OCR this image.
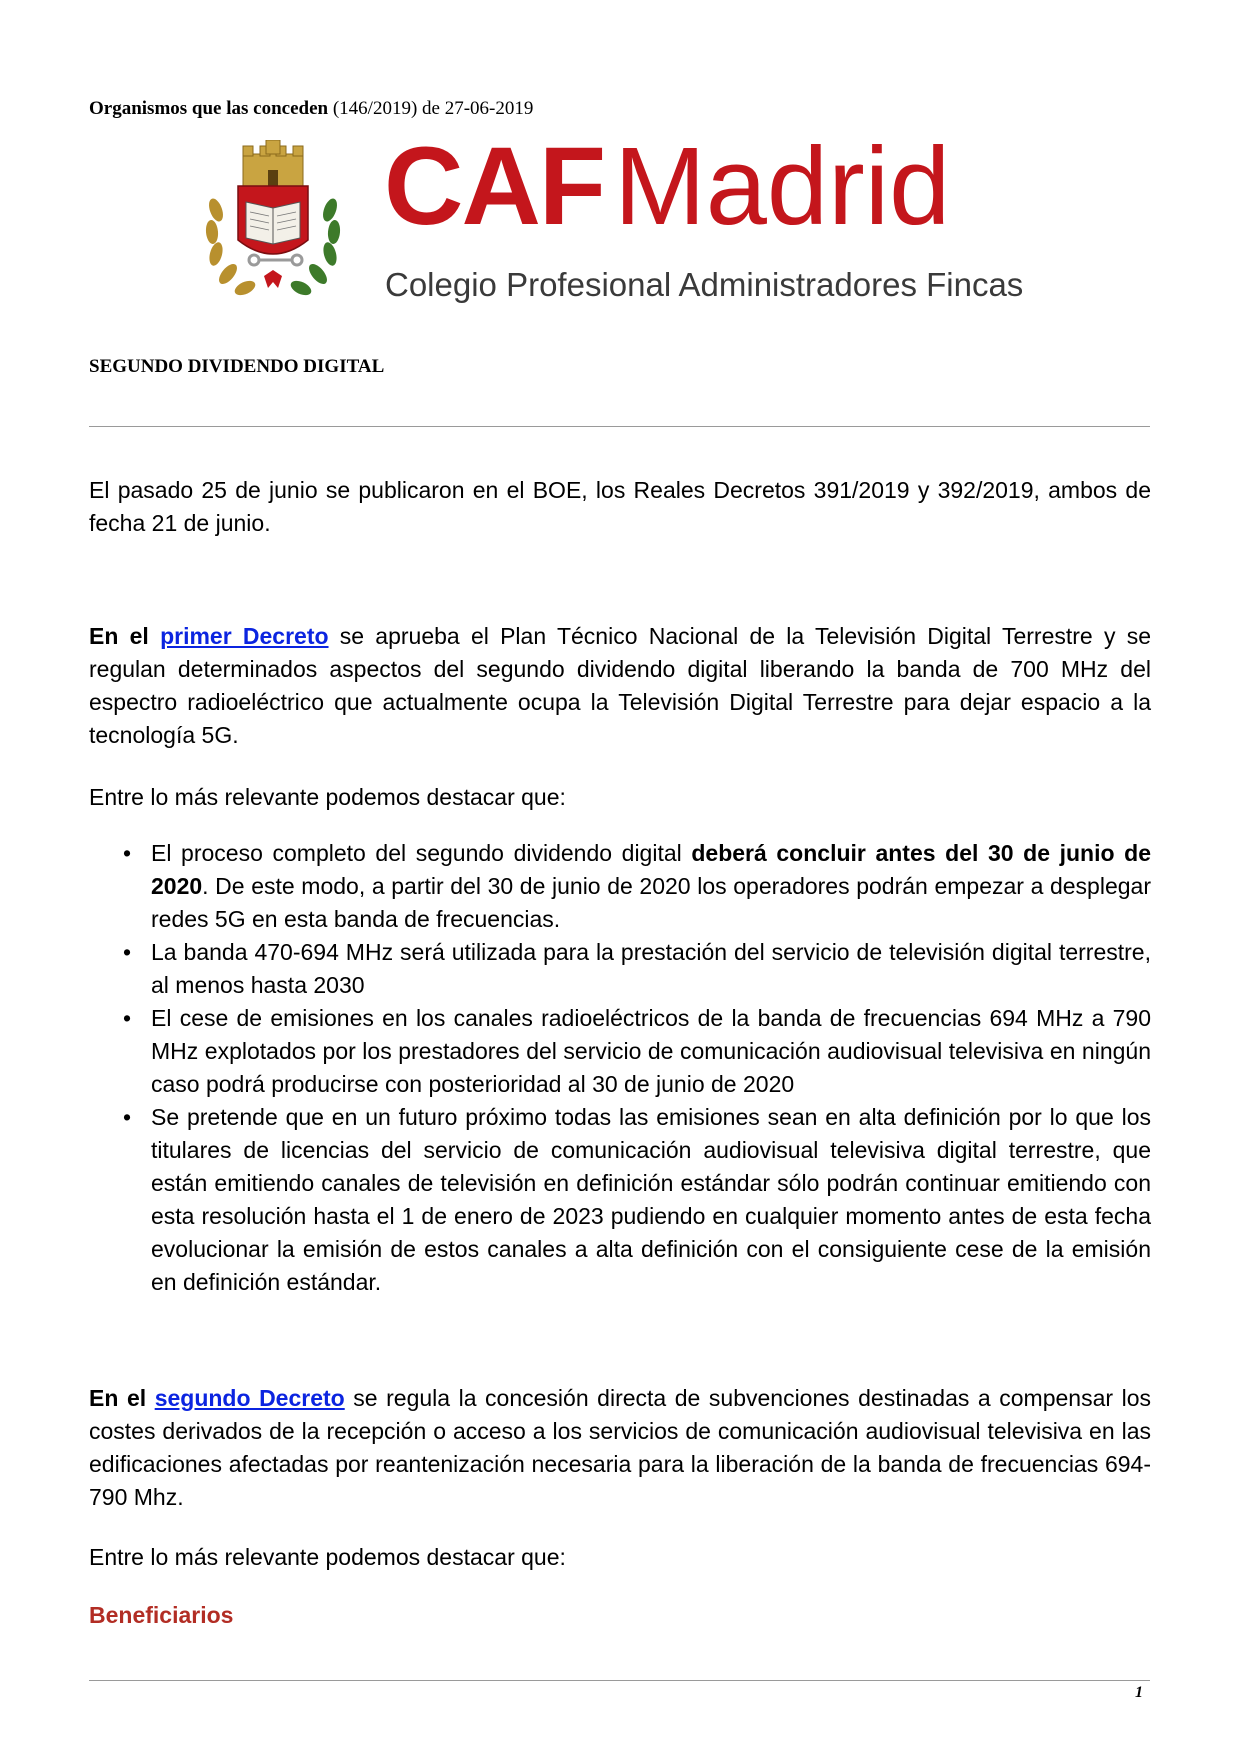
Organismos que las conceden (146/2019) de 27-06-2019
CAFMadrid
Colegio Profesional Administradores Fincas
SEGUNDO DIVIDENDO DIGITAL

El pasado 25 de junio se publicaron en el BOE, los Reales Decretos 391/2019 y 392/2019, ambos de fecha 21 de junio.

En el primer Decreto se aprueba el Plan Técnico Nacional de la Televisión Digital Terrestre y se regulan determinados aspectos del segundo dividendo digital liberando la banda de 700 MHz del espectro radioeléctrico que actualmente ocupa la Televisión Digital Terrestre para dejar espacio a la tecnología 5G.

Entre lo más relevante podemos destacar que:

• El proceso completo del segundo dividendo digital deberá concluir antes del 30 de junio de 2020. De este modo, a partir del 30 de junio de 2020 los operadores podrán empezar a desplegar redes 5G en esta banda de frecuencias.
• La banda 470-694 MHz será utilizada para la prestación del servicio de televisión digital terrestre, al menos hasta 2030
• El cese de emisiones en los canales radioeléctricos de la banda de frecuencias 694 MHz a 790 MHz explotados por los prestadores del servicio de comunicación audiovisual televisiva en ningún caso podrá producirse con posterioridad al 30 de junio de 2020
• Se pretende que en un futuro próximo todas las emisiones sean en alta definición por lo que los titulares de licencias del servicio de comunicación audiovisual televisiva digital terrestre, que están emitiendo canales de televisión en definición estándar sólo podrán continuar emitiendo con esta resolución hasta el 1 de enero de 2023 pudiendo en cualquier momento antes de esta fecha evolucionar la emisión de estos canales a alta definición con el consiguiente cese de la emisión en definición estándar.

En el segundo Decreto se regula la concesión directa de subvenciones destinadas a compensar los costes derivados de la recepción o acceso a los servicios de comunicación audiovisual televisiva en las edificaciones afectadas por reantenización necesaria para la liberación de la banda de frecuencias 694-790 Mhz.

Entre lo más relevante podemos destacar que:

Beneficiarios
1
